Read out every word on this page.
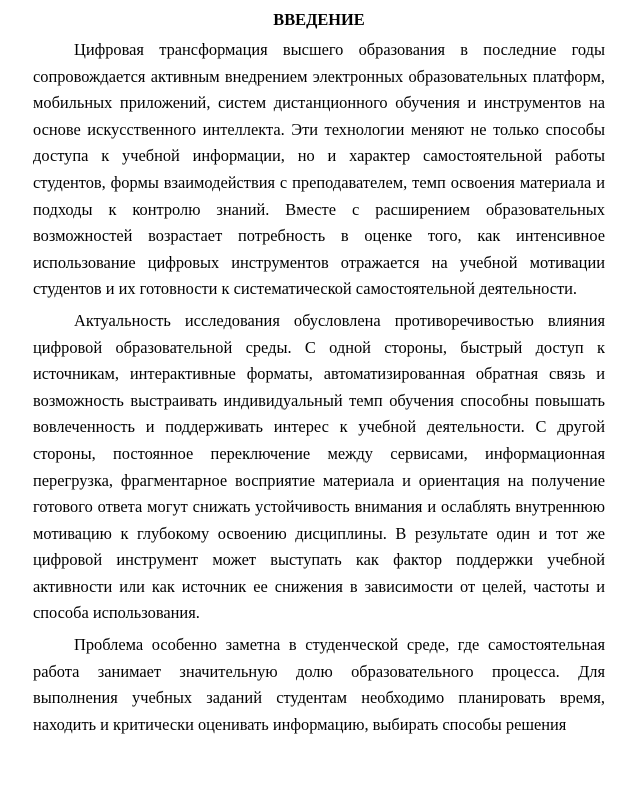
ВВЕДЕНИЕ

Цифровая трансформация высшего образования в последние годы сопровождается активным внедрением электронных образовательных платформ, мобильных приложений, систем дистанционного обучения и инструментов на основе искусственного интеллекта. Эти технологии меняют не только способы доступа к учебной информации, но и характер самостоятельной работы студентов, формы взаимодействия с преподавателем, темп освоения материала и подходы к контролю знаний. Вместе с расширением образовательных возможностей возрастает потребность в оценке того, как интенсивное использование цифровых инструментов отражается на учебной мотивации студентов и их готовности к систематической самостоятельной деятельности.

Актуальность исследования обусловлена противоречивостью влияния цифровой образовательной среды. С одной стороны, быстрый доступ к источникам, интерактивные форматы, автоматизированная обратная связь и возможность выстраивать индивидуальный темп обучения способны повышать вовлеченность и поддерживать интерес к учебной деятельности. С другой стороны, постоянное переключение между сервисами, информационная перегрузка, фрагментарное восприятие материала и ориентация на получение готового ответа могут снижать устойчивость внимания и ослаблять внутреннюю мотивацию к глубокому освоению дисциплины. В результате один и тот же цифровой инструмент может выступать как фактор поддержки учебной активности или как источник ее снижения в зависимости от целей, частоты и способа использования.

Проблема особенно заметна в студенческой среде, где самостоятельная работа занимает значительную долю образовательного процесса. Для выполнения учебных заданий студентам необходимо планировать время, находить и критически оценивать информацию, выбирать способы решения
